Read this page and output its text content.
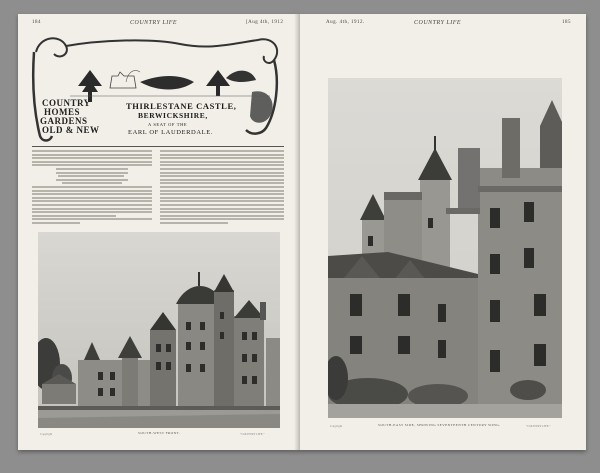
184	COUNTRY LIFE	[Aug 4th, 1912
COUNTRY
HOMES
GARDENS
OLD & NEW
THIRLESTANE CASTLE,
BERWICKSHIRE,
A SEAT OF THE
EARL OF LAUDERDALE.
Copyright	SOUTH-WEST FRONT.	"COUNTRY LIFE."
Aug. 4th, 1912.	COUNTRY LIFE	185
Copyright	SOUTH-EAST SIDE, SHOWING SEVENTEENTH CENTURY WING.	"COUNTRY LIFE."
